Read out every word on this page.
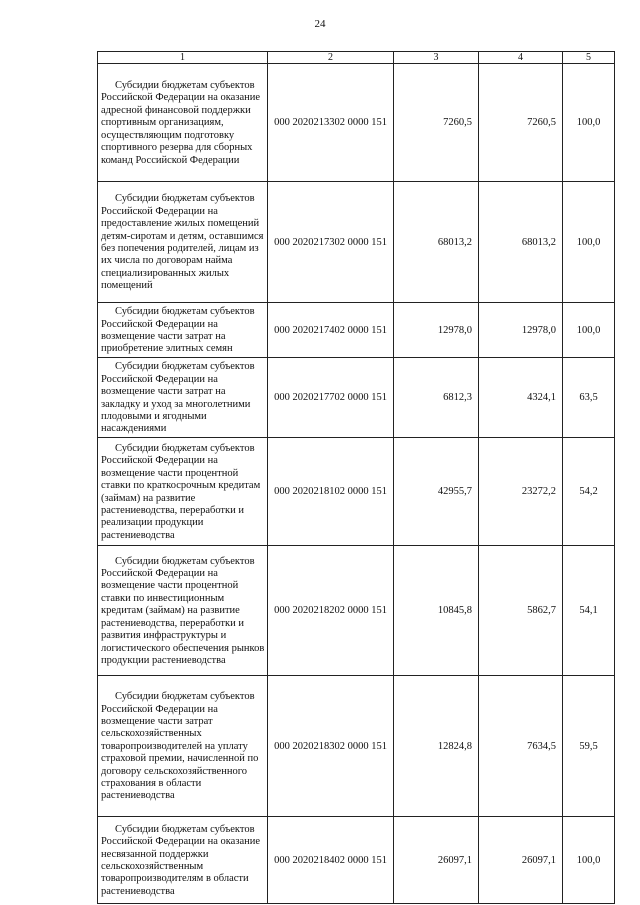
24
1	2	3	4	5

Субсидии бюджетам субъектов Российской Федерации на оказание адресной финансовой поддержки спортивным организациям, осуществляющим подготовку спортивного резерва для сборных команд Российской Федерации	000 2020213302 0000 151	7260,5	7260,5	100,0

Субсидии бюджетам субъектов Российской Федерации на предоставление жилых помещений детям-сиротам и детям, оставшимся без попечения родителей, лицам из их числа по договорам найма специализированных жилых помещений	000 2020217302 0000 151	68013,2	68013,2	100,0

Субсидии бюджетам субъектов Российской Федерации на возмещение части затрат на приобретение элитных семян	000 2020217402 0000 151	12978,0	12978,0	100,0

Субсидии бюджетам субъектов Российской Федерации на возмещение части затрат на закладку и уход за многолетними плодовыми и ягодными насаждениями	000 2020217702 0000 151	6812,3	4324,1	63,5

Субсидии бюджетам субъектов Российской Федерации на возмещение части процентной ставки по краткосрочным кредитам (займам) на развитие растениеводства, переработки и реализации продукции растениеводства	000 2020218102 0000 151	42955,7	23272,2	54,2

Субсидии бюджетам субъектов Российской Федерации на возмещение части процентной ставки по инвестиционным кредитам (займам) на развитие растениеводства, переработки и развития инфраструктуры и логистического обеспечения рынков продукции растениеводства	000 2020218202 0000 151	10845,8	5862,7	54,1

Субсидии бюджетам субъектов Российской Федерации на возмещение части затрат сельскохозяйственных товаропроизводителей на уплату страховой премии, начисленной по договору сельскохозяйственного страхования в области растениеводства	000 2020218302 0000 151	12824,8	7634,5	59,5

Субсидии бюджетам субъектов Российской Федерации на оказание несвязанной поддержки сельскохозяйственным товаропроизводителям в области растениеводства	000 2020218402 0000 151	26097,1	26097,1	100,0
